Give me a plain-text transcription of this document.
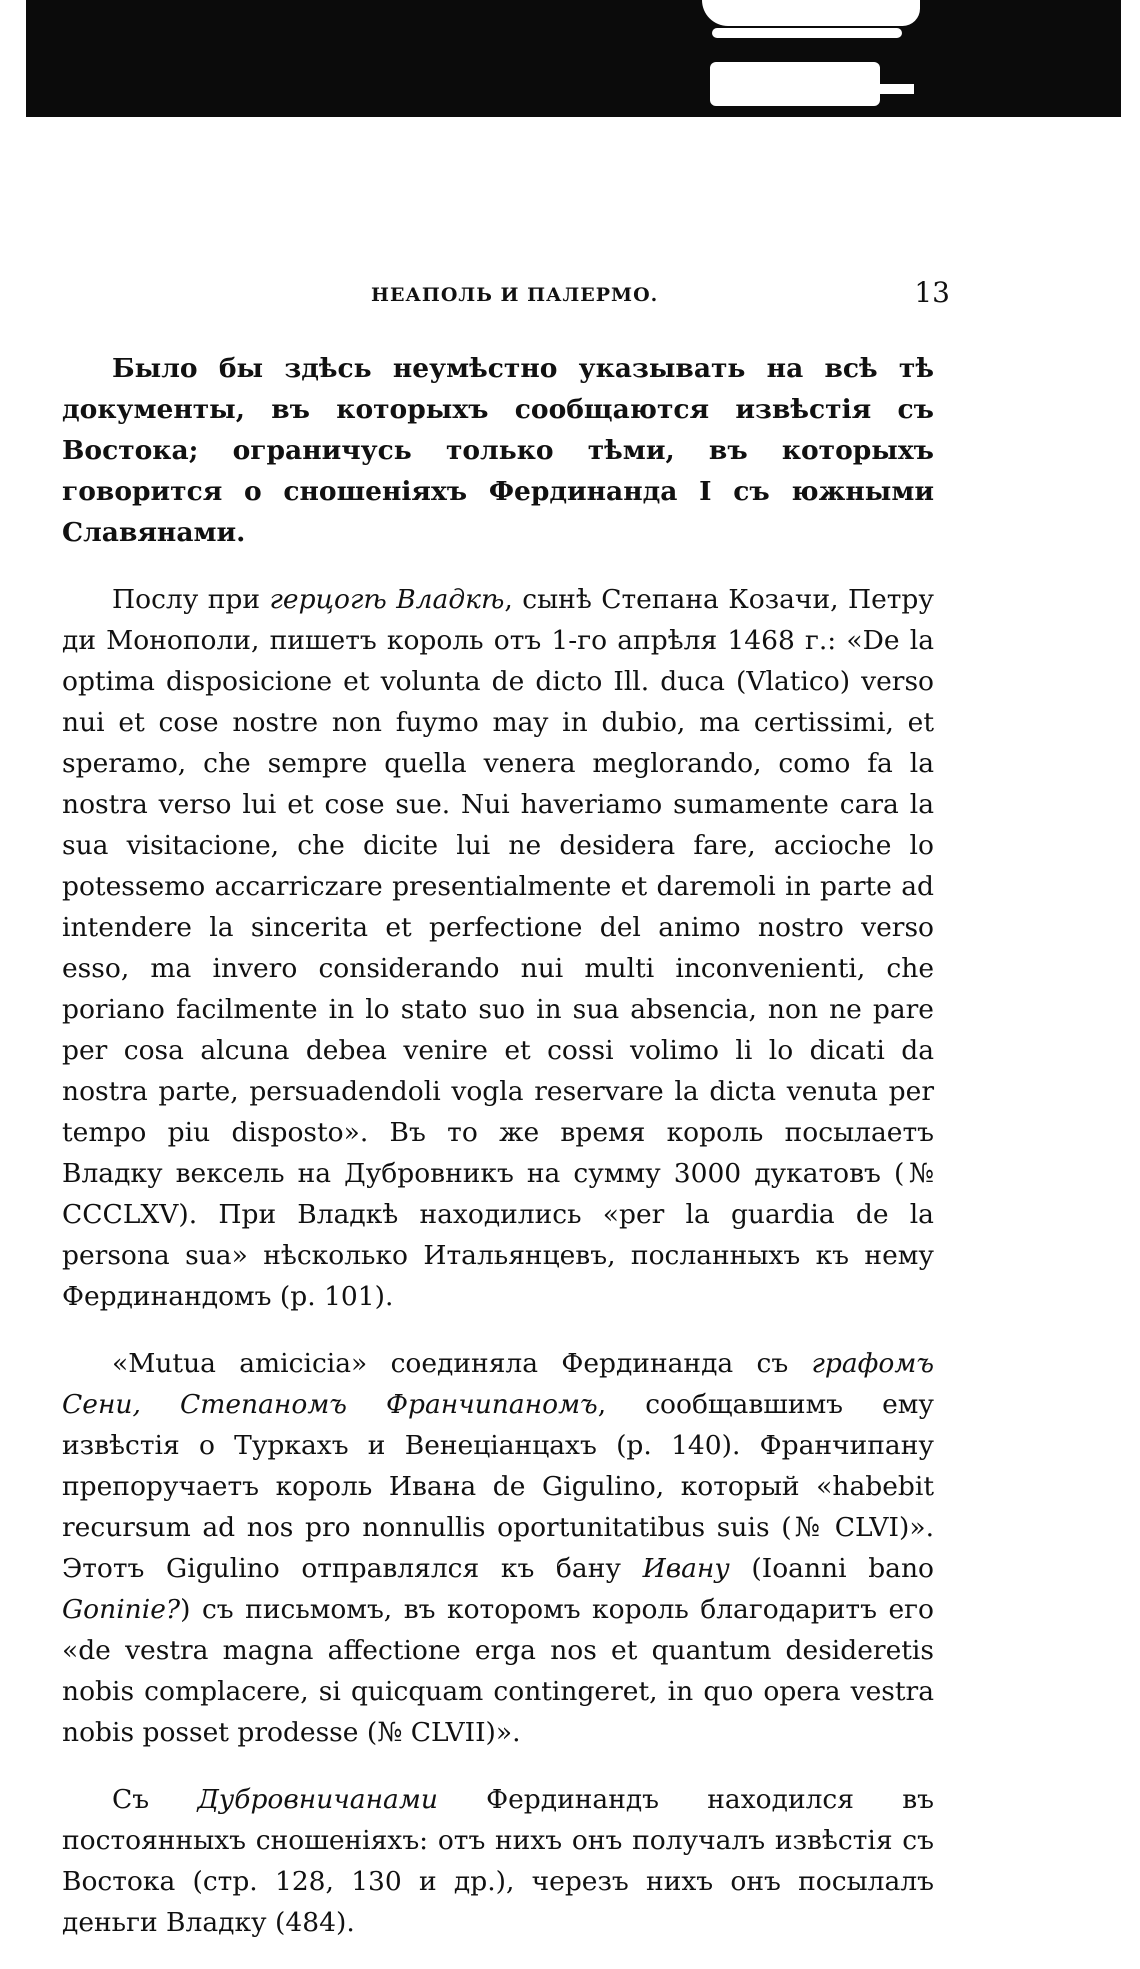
НЕАПОЛЬ И ПАЛЕРМО.	13

Было бы здѣсь неумѣстно указывать на всѣ тѣ документы, въ которыхъ сообщаются извѣстія съ Востока; ограничусь только тѣми, въ которыхъ говорится о сношеніяхъ Фердинанда I съ южными Славянами.

Послу при герцогѣ Владкѣ, сынѣ Степана Козачи, Петру ди Монополи, пишетъ король отъ 1-го апрѣля 1468 г.: «De la optima disposicione et volunta de dicto Ill. duca (Vlatico) verso nui et cose nostre non fuymo may in dubio, ma certissimi, et speramo, che sempre quella venera meglorando, como fa la nostra verso lui et cose sue. Nui haveriamo sumamente cara la sua visitacione, che dicite lui ne desidera fare, acciochе lo potessemo accarriczare presentialmente et daremoli in parte ad intendere la sincerita et perfectione del animo nostro verso esso, ma invero considerando nui multi inconvenienti, che poriano facilmente in lo stato suo in sua absencia, non ne pare per cosa alcuna debea venire et cossi volimo li lo dicati da nostra parte, persuadendoli vogla reservare la dicta venuta per tempo piu disposto». Въ то же время король посылаетъ Владку вексель на Дубровникъ на сумму 3000 дукатовъ (№ CCCLXV). При Владкѣ находились «per la guardia de la persona sua» нѣсколько Итальянцевъ, посланныхъ къ нему Фердинандомъ (р. 101).

«Mutua amicicia» соединяла Фердинанда съ графомъ Сени, Степаномъ Франчипаномъ, сообщавшимъ ему извѣстія о Туркахъ и Венеціанцахъ (р. 140). Франчипану препоручаетъ король Ивана de Gigulino, который «habebit recursum ad nos pro nonnullis oportunitatibus suis (№ CLVI)». Этотъ Gigulino отправлялся къ бану Ивану (Ioanni bano Goninie?) съ письмомъ, въ которомъ король благодаритъ его «de vestra magna affectione erga nos et quantum desideretis nobis complacere, si quicquam contingeret, in quo opera vestra nobis posset prodesse (№ CLVII)».

Съ Дубровничанами Фердинандъ находился въ постоянныхъ сношеніяхъ: отъ нихъ онъ получалъ извѣстія съ Востока (стр. 128, 130 и др.), черезъ нихъ онъ посылалъ деньги Владку (484).
